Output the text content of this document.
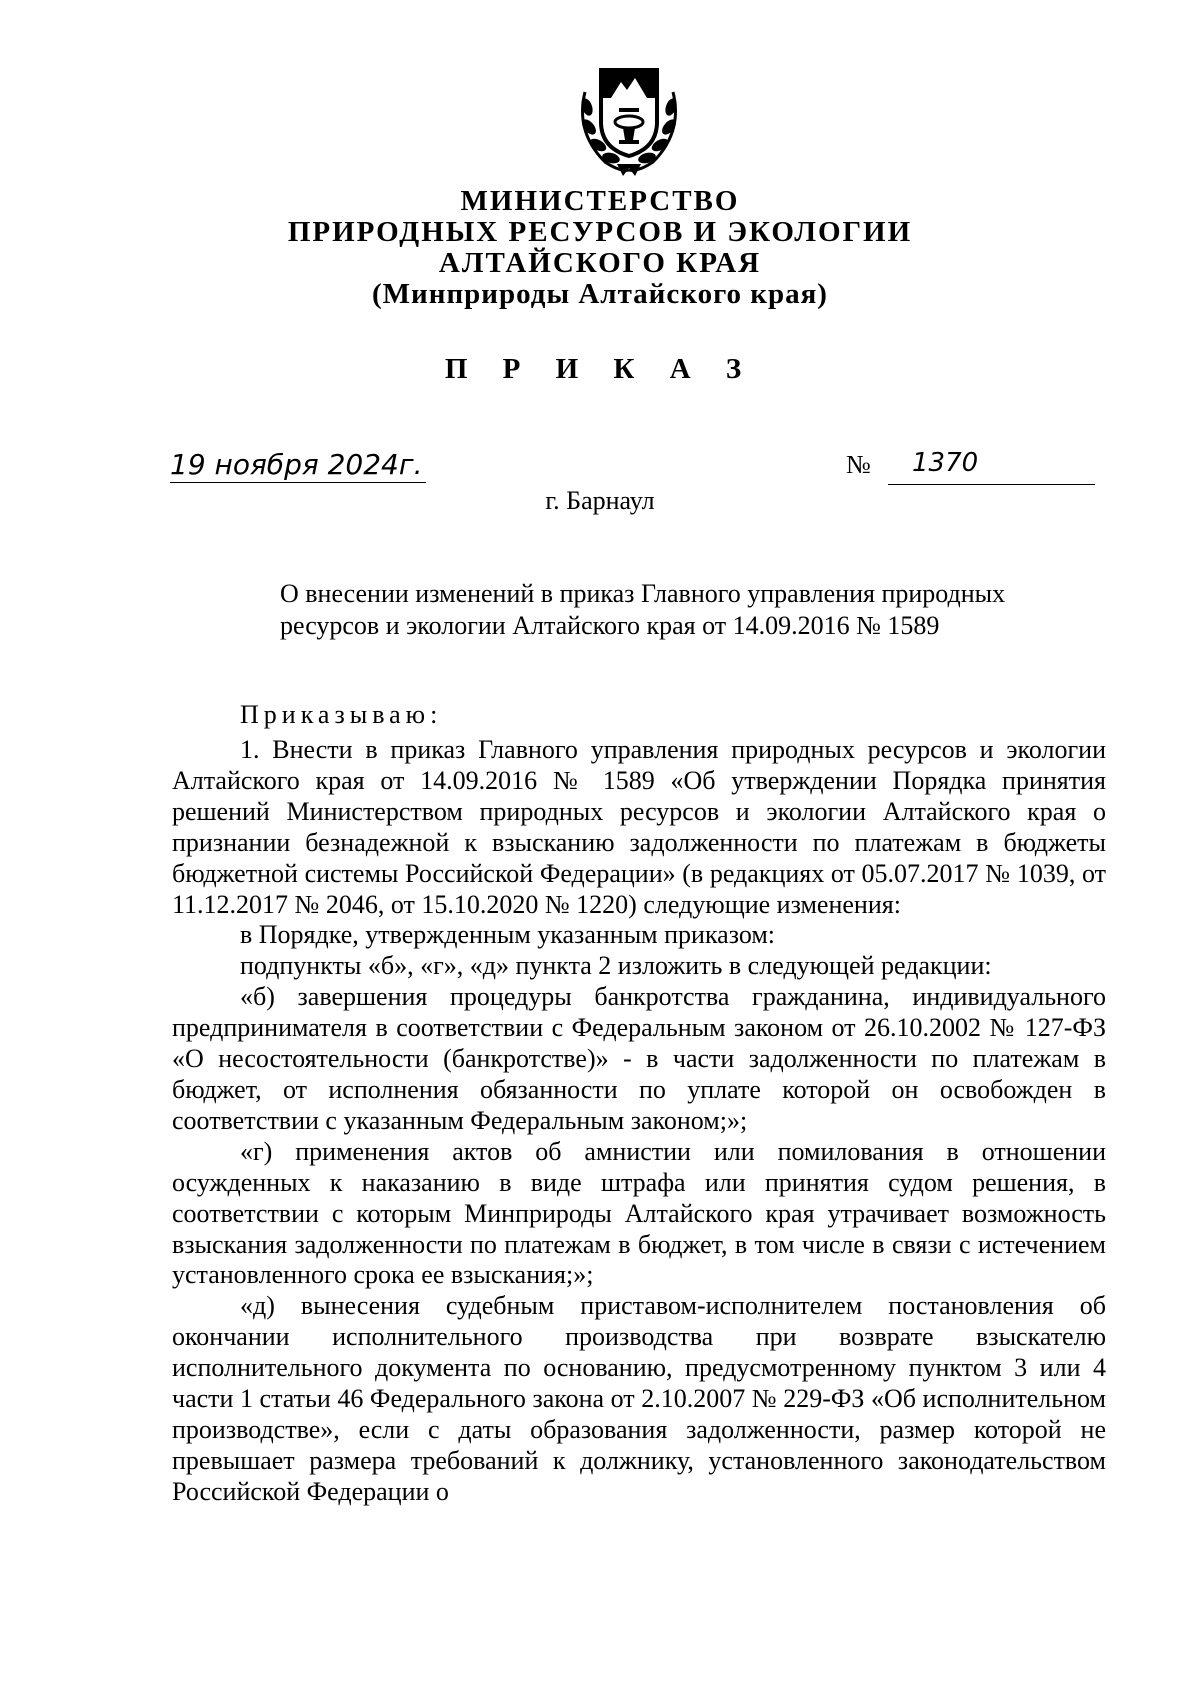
МИНИСТЕРСТВО
ПРИРОДНЫХ РЕСУРСОВ И ЭКОЛОГИИ
АЛТАЙСКОГО КРАЯ
(Минприроды Алтайского края)
П Р И К А З
19 ноября 2024г.	№ 1370
г. Барнаул
О внесении изменений в приказ Главного управления природных ресурсов и экологии Алтайского края от 14.09.2016 № 1589
Приказываю:

1. Внести в приказ Главного управления природных ресурсов и экологии Алтайского края от 14.09.2016 № 1589 «Об утверждении Порядка принятия решений Министерством природных ресурсов и экологии Алтайского края о признании безнадежной к взысканию задолженности по платежам в бюджеты бюджетной системы Российской Федерации» (в редакциях от 05.07.2017 № 1039, от 11.12.2017 № 2046, от 15.10.2020 № 1220) следующие изменения:

в Порядке, утвержденным указанным приказом:

подпункты «б», «г», «д» пункта 2 изложить в следующей редакции:

«б) завершения процедуры банкротства гражданина, индивидуального предпринимателя в соответствии с Федеральным законом от 26.10.2002 № 127-ФЗ «О несостоятельности (банкротстве)» - в части задолженности по платежам в бюджет, от исполнения обязанности по уплате которой он освобожден в соответствии с указанным Федеральным законом;»;

«г) применения актов об амнистии или помилования в отношении осужденных к наказанию в виде штрафа или принятия судом решения, в соответствии с которым Минприроды Алтайского края утрачивает возможность взыскания задолженности по платежам в бюджет, в том числе в связи с истечением установленного срока ее взыскания;»;

«д) вынесения судебным приставом-исполнителем постановления об окончании исполнительного производства при возврате взыскателю исполнительного документа по основанию, предусмотренному пунктом 3 или 4 части 1 статьи 46 Федерального закона от 2.10.2007 № 229-ФЗ «Об исполнительном производстве», если с даты образования задолженности, размер которой не превышает размера требований к должнику, установленного законодательством Российской Федерации о
